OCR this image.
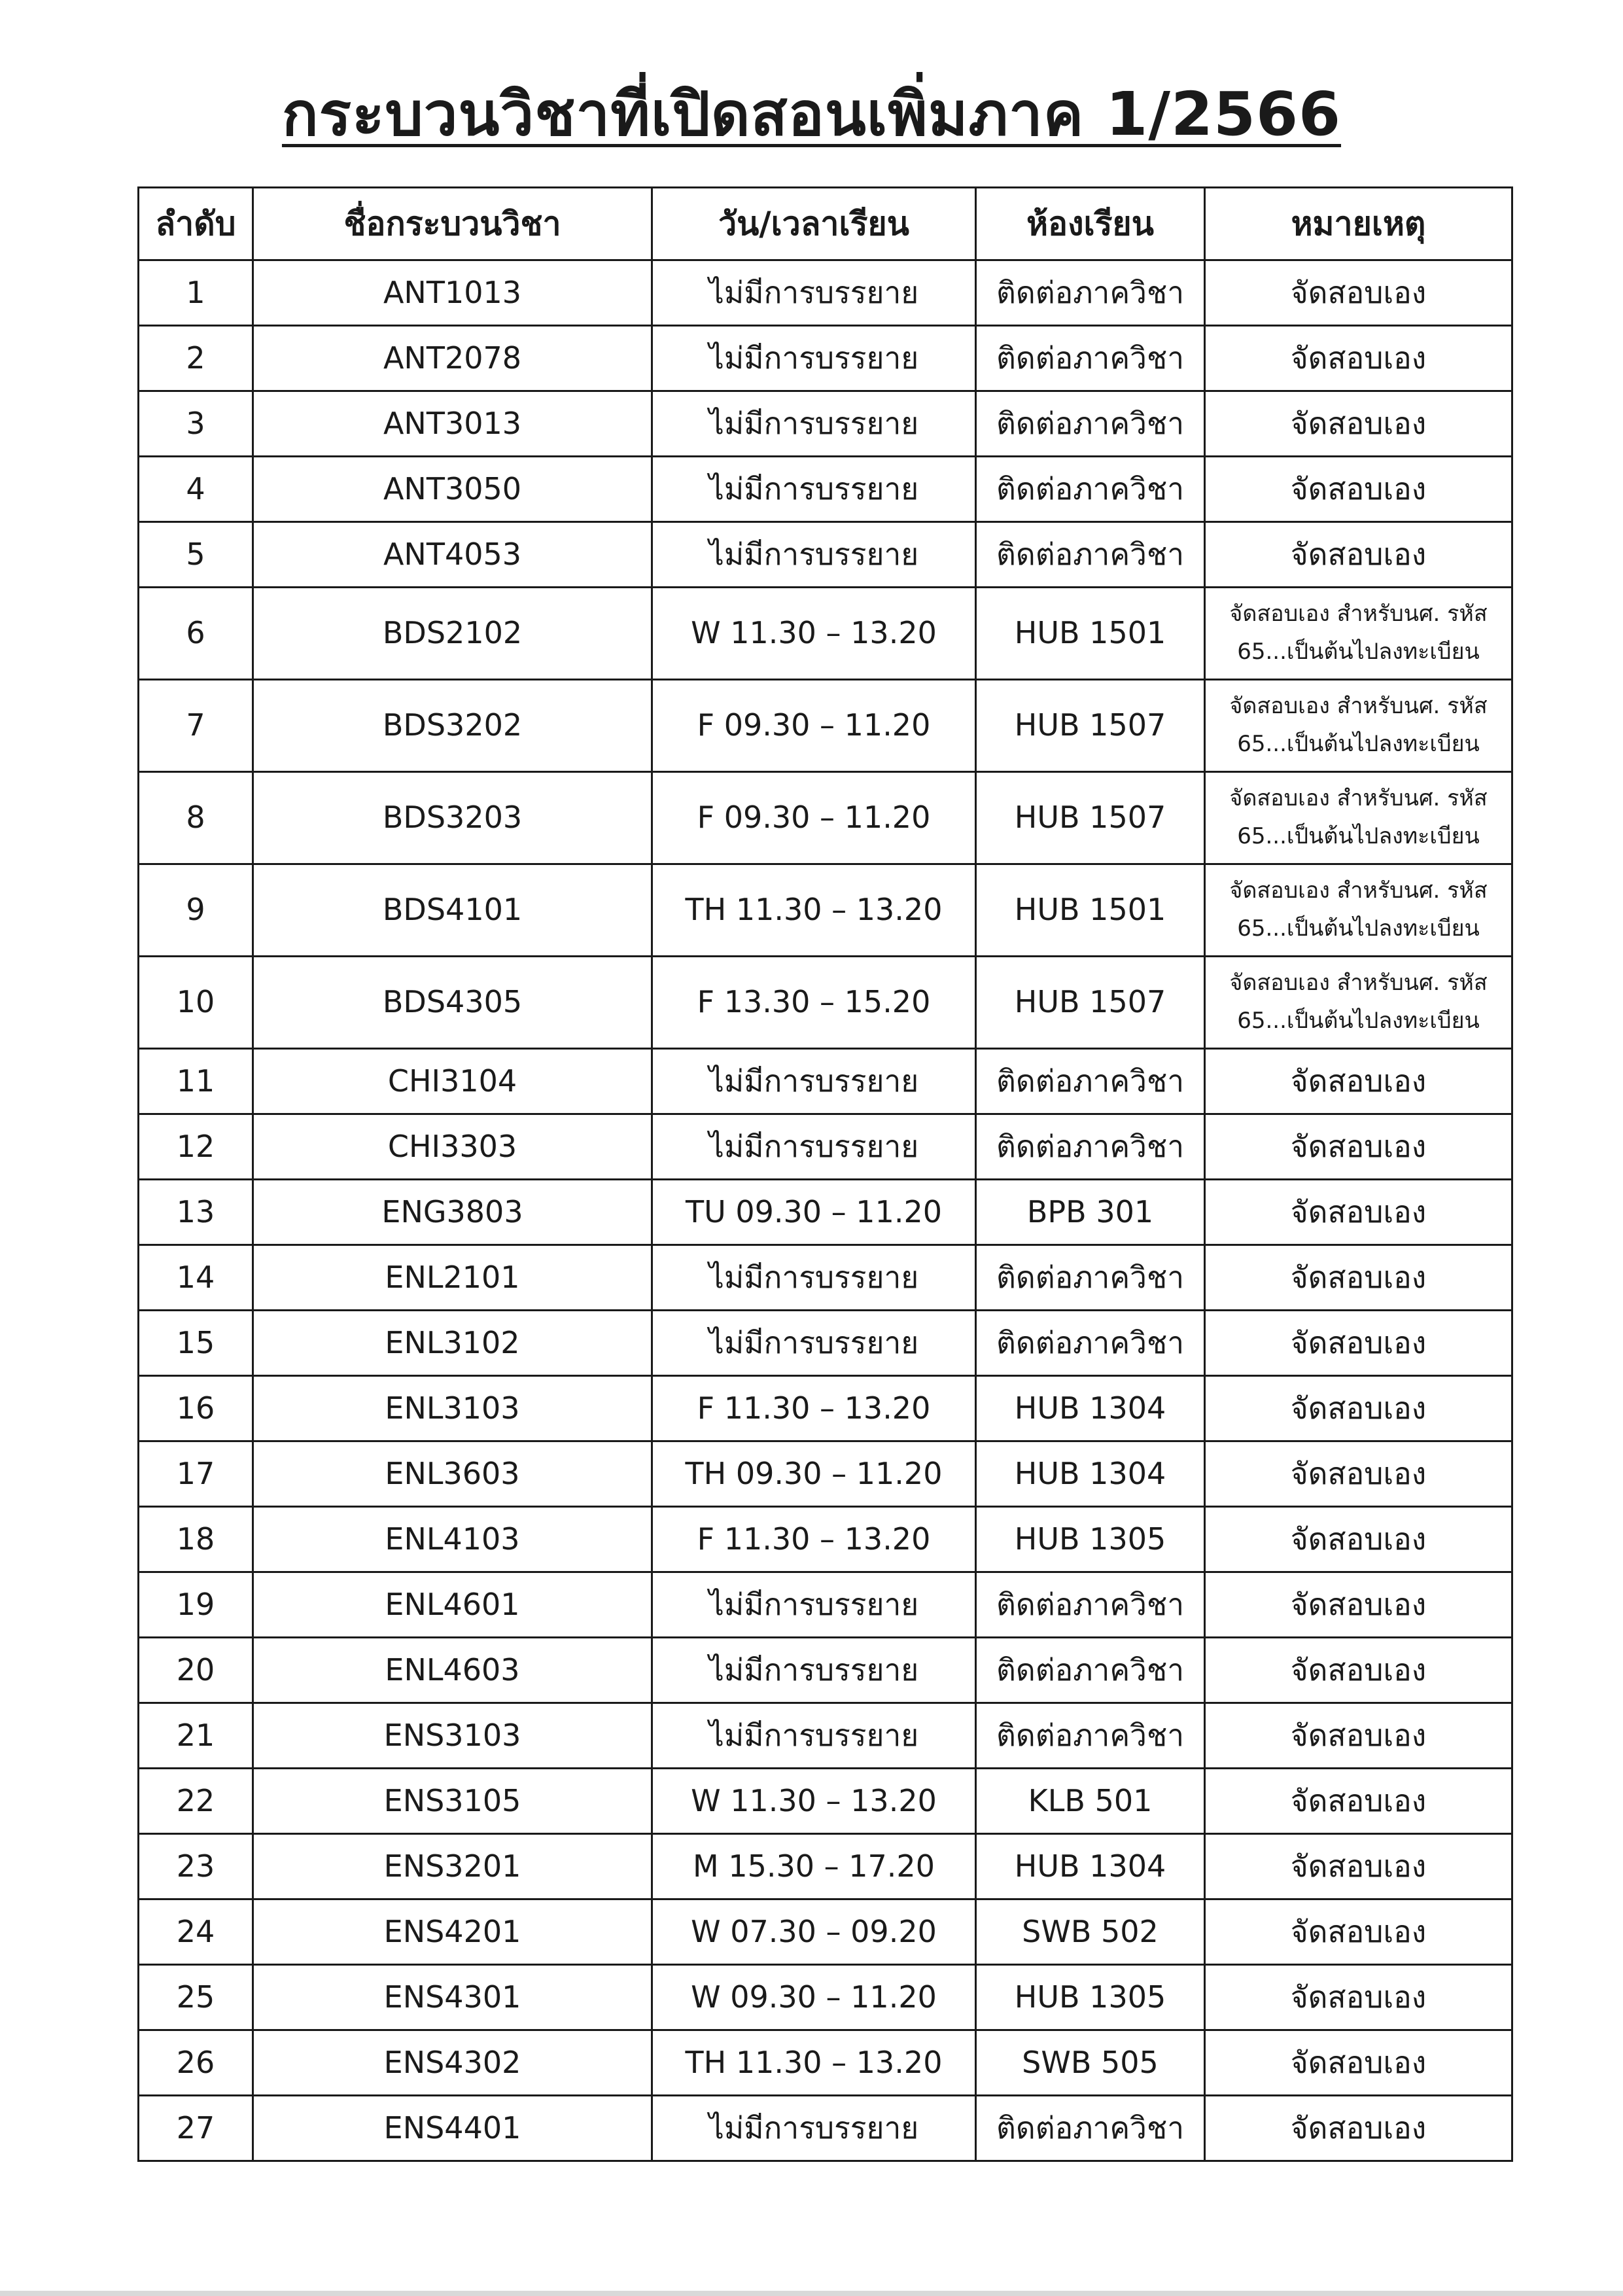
กระบวนวิชาที่เปิดสอนเพิ่มภาค 1/2566
ลำดับ	ชื่อกระบวนวิชา	วัน/เวลาเรียน	ห้องเรียน	หมายเหตุ
1	ANT1013	ไม่มีการบรรยาย	ติดต่อภาควิชา	จัดสอบเอง
2	ANT2078	ไม่มีการบรรยาย	ติดต่อภาควิชา	จัดสอบเอง
3	ANT3013	ไม่มีการบรรยาย	ติดต่อภาควิชา	จัดสอบเอง
4	ANT3050	ไม่มีการบรรยาย	ติดต่อภาควิชา	จัดสอบเอง
5	ANT4053	ไม่มีการบรรยาย	ติดต่อภาควิชา	จัดสอบเอง
6	BDS2102	W 11.30 – 13.20	HUB 1501	จัดสอบเอง สำหรับนศ. รหัส 65...เป็นต้นไปลงทะเบียน
7	BDS3202	F 09.30 – 11.20	HUB 1507	จัดสอบเอง สำหรับนศ. รหัส 65...เป็นต้นไปลงทะเบียน
8	BDS3203	F 09.30 – 11.20	HUB 1507	จัดสอบเอง สำหรับนศ. รหัส 65...เป็นต้นไปลงทะเบียน
9	BDS4101	TH 11.30 – 13.20	HUB 1501	จัดสอบเอง สำหรับนศ. รหัส 65...เป็นต้นไปลงทะเบียน
10	BDS4305	F 13.30 – 15.20	HUB 1507	จัดสอบเอง สำหรับนศ. รหัส 65...เป็นต้นไปลงทะเบียน
11	CHI3104	ไม่มีการบรรยาย	ติดต่อภาควิชา	จัดสอบเอง
12	CHI3303	ไม่มีการบรรยาย	ติดต่อภาควิชา	จัดสอบเอง
13	ENG3803	TU 09.30 – 11.20	BPB 301	จัดสอบเอง
14	ENL2101	ไม่มีการบรรยาย	ติดต่อภาควิชา	จัดสอบเอง
15	ENL3102	ไม่มีการบรรยาย	ติดต่อภาควิชา	จัดสอบเอง
16	ENL3103	F 11.30 – 13.20	HUB 1304	จัดสอบเอง
17	ENL3603	TH 09.30 – 11.20	HUB 1304	จัดสอบเอง
18	ENL4103	F 11.30 – 13.20	HUB 1305	จัดสอบเอง
19	ENL4601	ไม่มีการบรรยาย	ติดต่อภาควิชา	จัดสอบเอง
20	ENL4603	ไม่มีการบรรยาย	ติดต่อภาควิชา	จัดสอบเอง
21	ENS3103	ไม่มีการบรรยาย	ติดต่อภาควิชา	จัดสอบเอง
22	ENS3105	W 11.30 – 13.20	KLB 501	จัดสอบเอง
23	ENS3201	M 15.30 – 17.20	HUB 1304	จัดสอบเอง
24	ENS4201	W 07.30 – 09.20	SWB 502	จัดสอบเอง
25	ENS4301	W 09.30 – 11.20	HUB 1305	จัดสอบเอง
26	ENS4302	TH 11.30 – 13.20	SWB 505	จัดสอบเอง
27	ENS4401	ไม่มีการบรรยาย	ติดต่อภาควิชา	จัดสอบเอง
